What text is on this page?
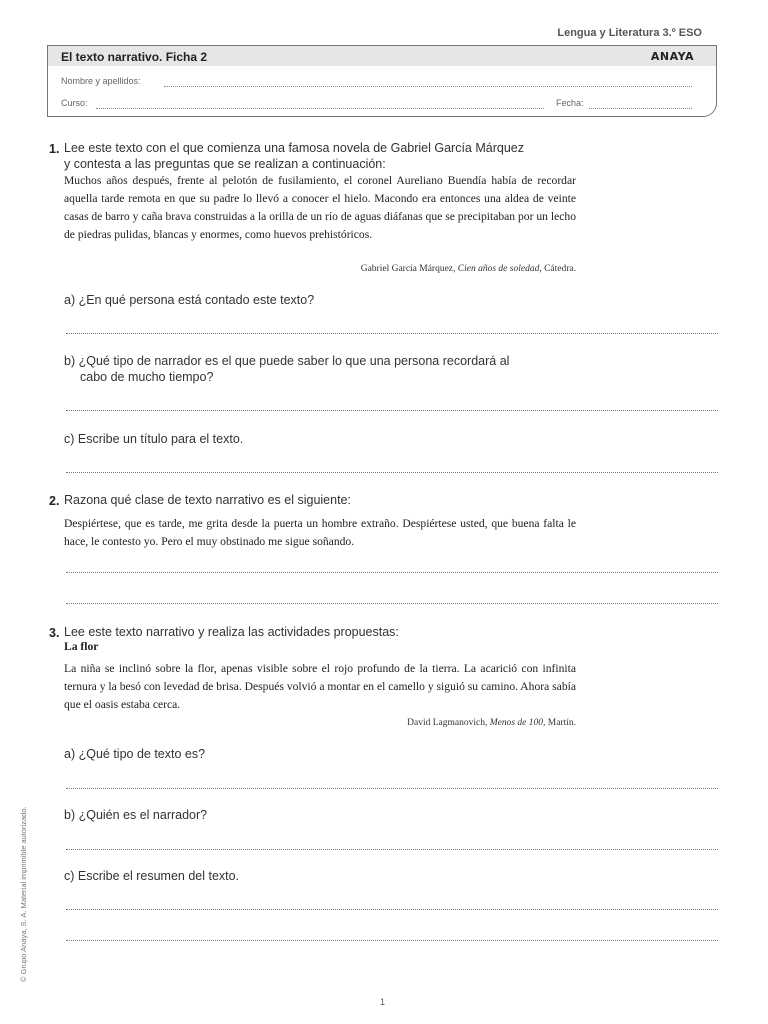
Lengua y Literatura 3.º ESO
El texto narrativo. Ficha 2	ANAYA
Nombre y apellidos:
Curso:	Fecha:
1. Lee este texto con el que comienza una famosa novela de Gabriel García Márquez
y contesta a las preguntas que se realizan a continuación:
Muchos años después, frente al pelotón de fusilamiento, el coronel Aureliano Buendía había de recordar aquella tarde remota en que su padre lo llevó a conocer el hielo. Macondo era entonces una aldea de veinte casas de barro y caña brava construidas a la orilla de un río de aguas diáfanas que se precipitaban por un lecho de piedras pulidas, blancas y enormes, como huevos prehistóricos.
Gabriel García Márquez, Cien años de soledad, Cátedra.
a) ¿En qué persona está contado este texto?
b) ¿Qué tipo de narrador es el que puede saber lo que una persona recordará al
cabo de mucho tiempo?
c) Escribe un título para el texto.
2. Razona qué clase de texto narrativo es el siguiente:
Despiértese, que es tarde, me grita desde la puerta un hombre extraño. Despiértese usted, que buena falta le hace, le contesto yo. Pero el muy obstinado me sigue soñando.
3. Lee este texto narrativo y realiza las actividades propuestas:
La flor
La niña se inclinó sobre la flor, apenas visible sobre el rojo profundo de la tierra. La acarició con infinita ternura y la besó con levedad de brisa. Después volvió a montar en el camello y siguió su camino. Ahora sabía que el oasis estaba cerca.
David Lagmanovich, Menos de 100, Martín.
a) ¿Qué tipo de texto es?
b) ¿Quién es el narrador?
c) Escribe el resumen del texto.
© Grupo Anaya, S. A. Material imprimible autorizado.
1
